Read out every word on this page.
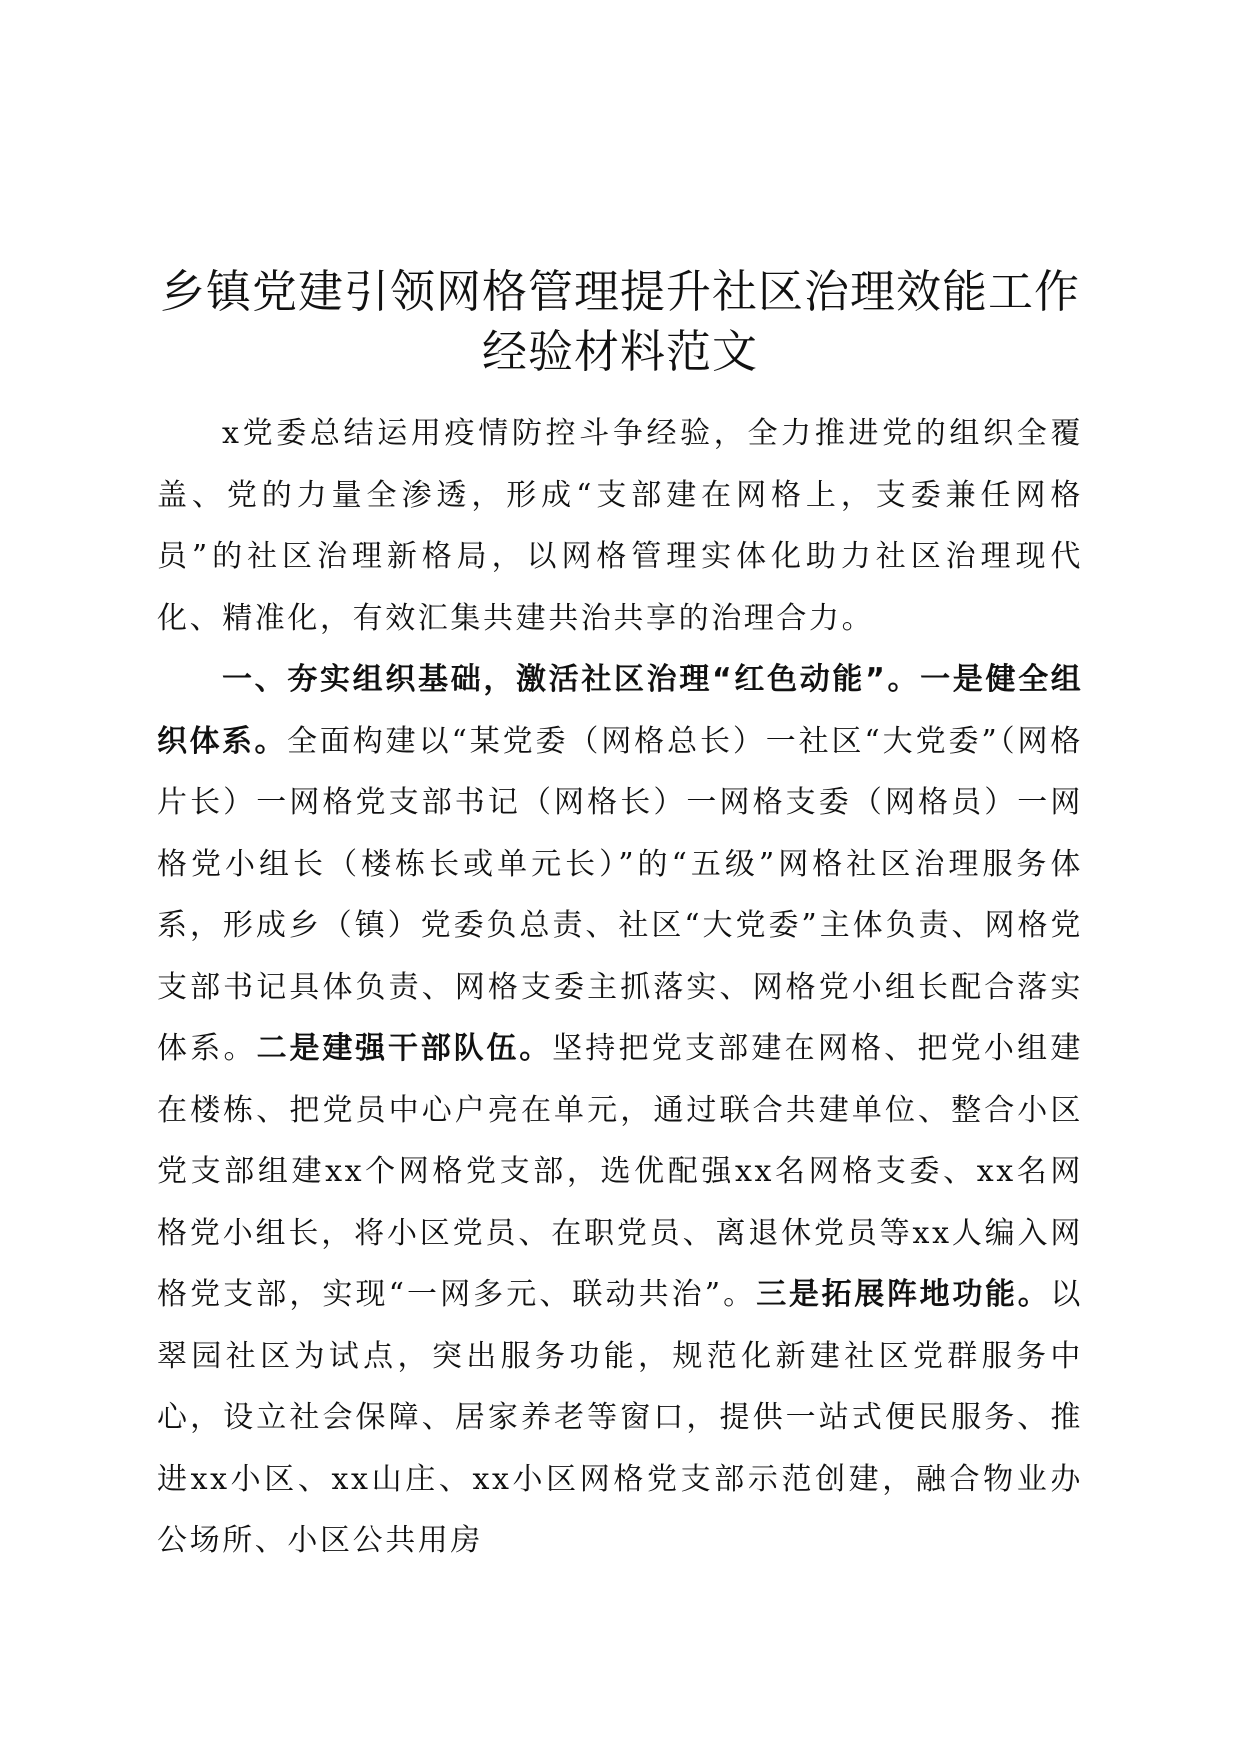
乡镇党建引领网格管理提升社区治理效能工作
经验材料范文

x党委总结运用疫情防控斗争经验，全力推进党的组织全覆盖、党的力量全渗透，形成“支部建在网格上，支委兼任网格员”的社区治理新格局，以网格管理实体化助力社区治理现代化、精准化，有效汇集共建共治共享的治理合力。

一、夯实组织基础，激活社区治理“红色动能”。一是健全组织体系。全面构建以“某党委（网格总长）一社区“大党委”（网格片长）一网格党支部书记（网格长）一网格支委（网格员）一网格党小组长（楼栋长或单元长）”的“五级”网格社区治理服务体系，形成乡（镇）党委负总责、社区“大党委”主体负责、网格党支部书记具体负责、网格支委主抓落实、网格党小组长配合落实体系。二是建强干部队伍。坚持把党支部建在网格、把党小组建在楼栋、把党员中心户亮在单元，通过联合共建单位、整合小区党支部组建xx个网格党支部，选优配强xx名网格支委、xx名网格党小组长，将小区党员、在职党员、离退休党员等xx人编入网格党支部，实现“一网多元、联动共治”。三是拓展阵地功能。以翠园社区为试点，突出服务功能，规范化新建社区党群服务中心，设立社会保障、居家养老等窗口，提供一站式便民服务、推进xx小区、xx山庄、xx小区网格党支部示范创建，融合物业办公场所、小区公共用房
